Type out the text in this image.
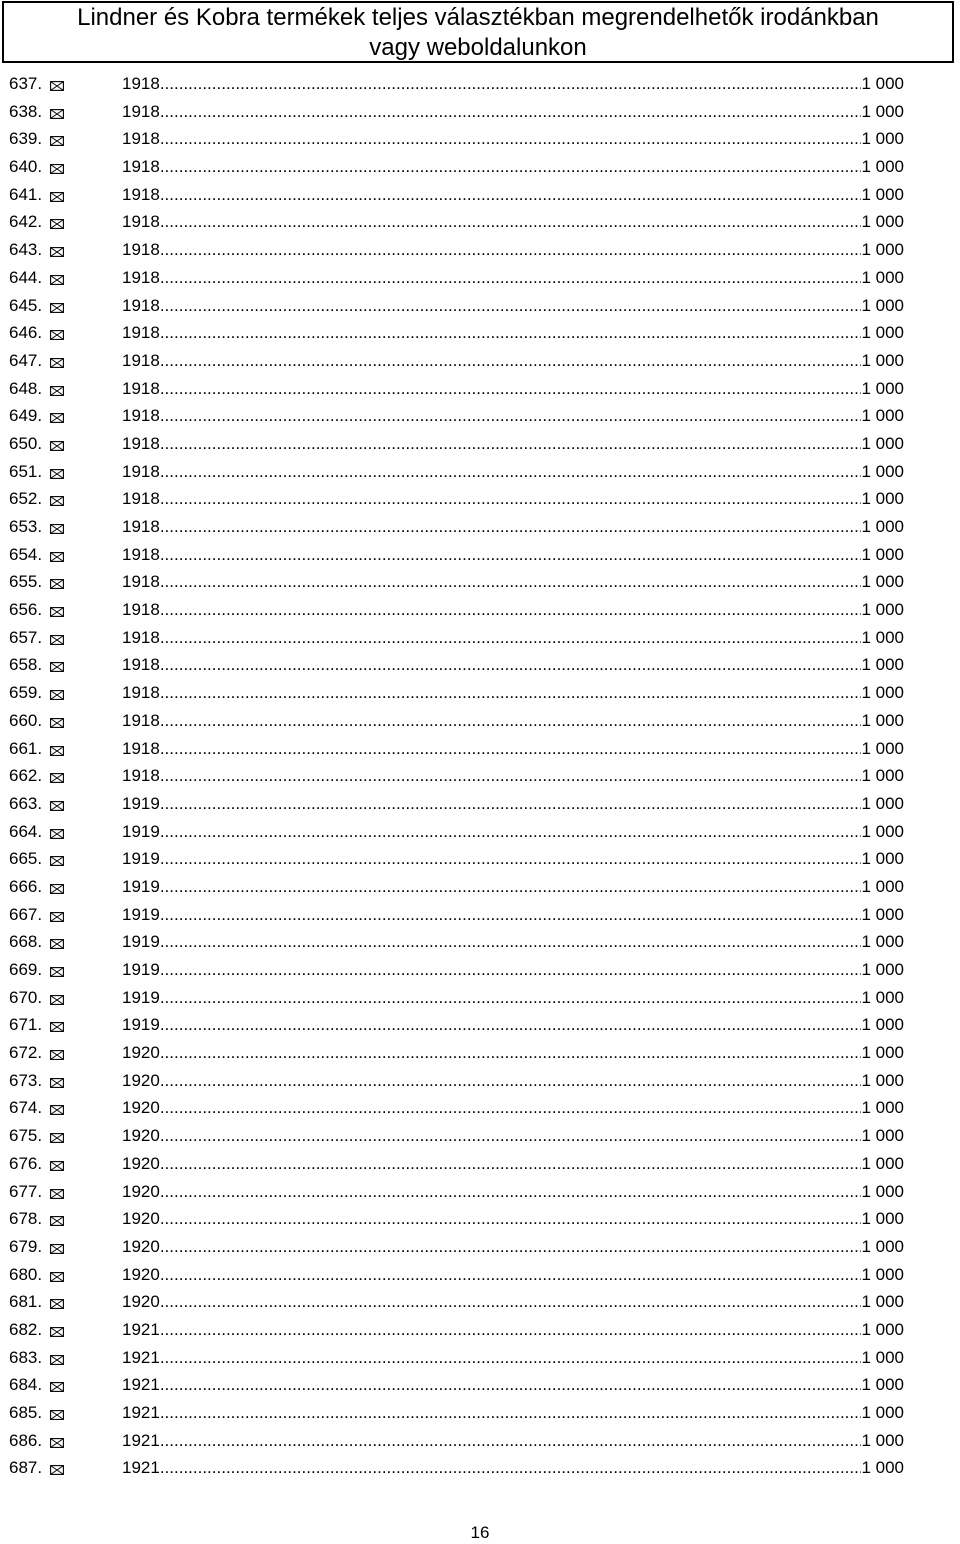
Lindner és Kobra termékek teljes választékban megrendelhetők irodánkban
vagy weboldalunkon
637.	1918 .....	1 000
638.	1918 .....	1 000
639.	1918 .....	1 000
640.	1918 .....	1 000
641.	1918 .....	1 000
642.	1918 .....	1 000
643.	1918 .....	1 000
644.	1918 .....	1 000
645.	1918 .....	1 000
646.	1918 .....	1 000
647.	1918 .....	1 000
648.	1918 .....	1 000
649.	1918 .....	1 000
650.	1918 .....	1 000
651.	1918 .....	1 000
652.	1918 .....	1 000
653.	1918 .....	1 000
654.	1918 .....	1 000
655.	1918 .....	1 000
656.	1918 .....	1 000
657.	1918 .....	1 000
658.	1918 .....	1 000
659.	1918 .....	1 000
660.	1918 .....	1 000
661.	1918 .....	1 000
662.	1918 .....	1 000
663.	1919 .....	1 000
664.	1919 .....	1 000
665.	1919 .....	1 000
666.	1919 .....	1 000
667.	1919 .....	1 000
668.	1919 .....	1 000
669.	1919 .....	1 000
670.	1919 .....	1 000
671.	1919 .....	1 000
672.	1920 .....	1 000
673.	1920 .....	1 000
674.	1920 .....	1 000
675.	1920 .....	1 000
676.	1920 .....	1 000
677.	1920 .....	1 000
678.	1920 .....	1 000
679.	1920 .....	1 000
680.	1920 .....	1 000
681.	1920 .....	1 000
682.	1921 .....	1 000
683.	1921 .....	1 000
684.	1921 .....	1 000
685.	1921 .....	1 000
686.	1921 .....	1 000
687.	1921 .....	1 000
16
